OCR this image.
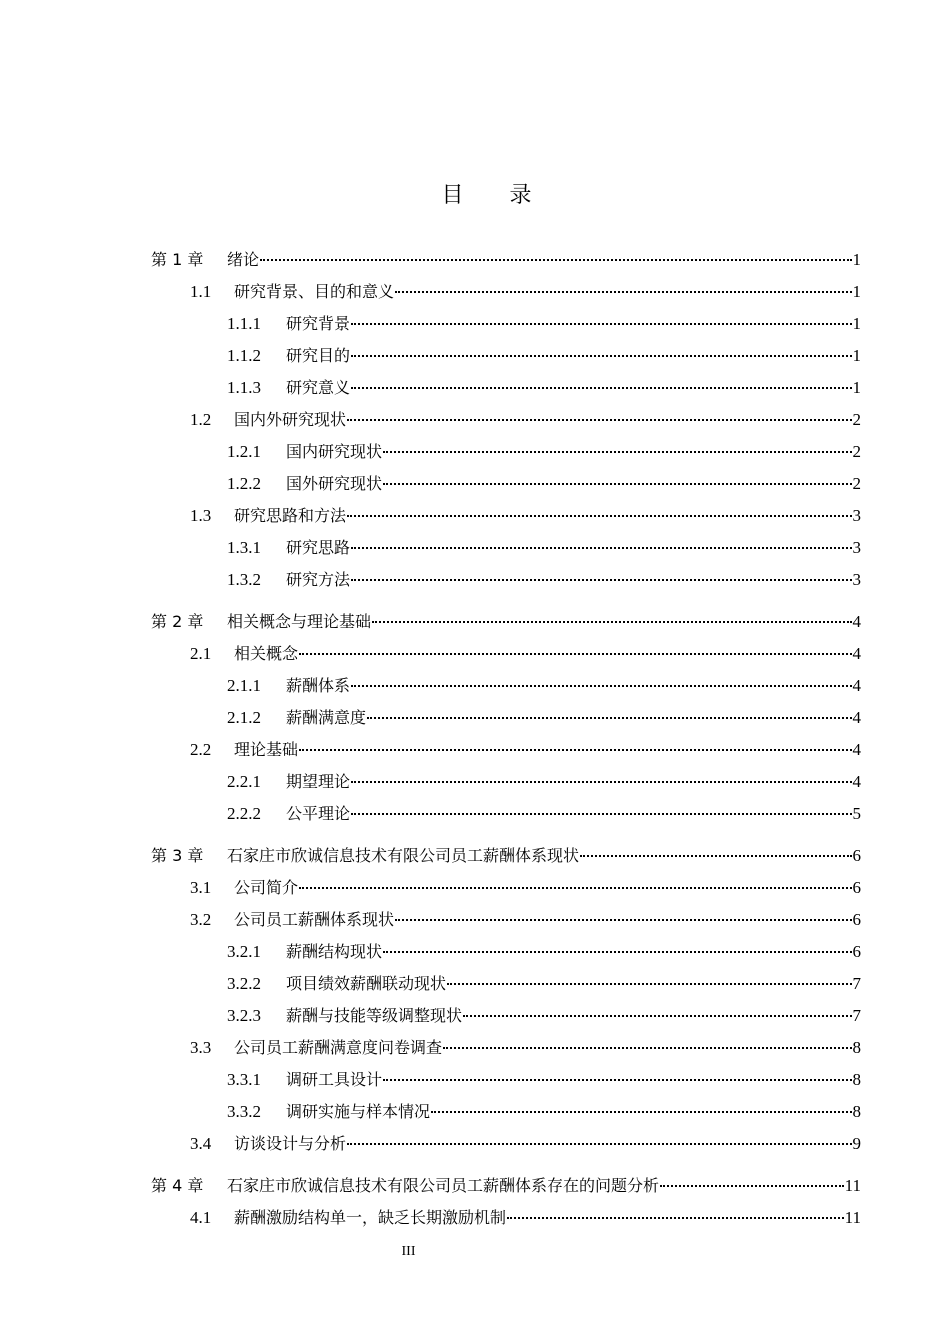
目 录
第 1 章	绪论	1
1.1	研究背景、目的和意义	1
1.1.1	研究背景	1
1.1.2	研究目的	1
1.1.3	研究意义	1
1.2	国内外研究现状	2
1.2.1	国内研究现状	2
1.2.2	国外研究现状	2
1.3	研究思路和方法	3
1.3.1	研究思路	3
1.3.2	研究方法	3
第 2 章	相关概念与理论基础	4
2.1	相关概念	4
2.1.1	薪酬体系	4
2.1.2	薪酬满意度	4
2.2	理论基础	4
2.2.1	期望理论	4
2.2.2	公平理论	5
第 3 章	石家庄市欣诚信息技术有限公司员工薪酬体系现状	6
3.1	公司简介	6
3.2	公司员工薪酬体系现状	6
3.2.1	薪酬结构现状	6
3.2.2	项目绩效薪酬联动现状	7
3.2.3	薪酬与技能等级调整现状	7
3.3	公司员工薪酬满意度问卷调查	8
3.3.1	调研工具设计	8
3.3.2	调研实施与样本情况	8
3.4	访谈设计与分析	9
第 4 章	石家庄市欣诚信息技术有限公司员工薪酬体系存在的问题分析	11
4.1	薪酬激励结构单一，缺乏长期激励机制	11
III
